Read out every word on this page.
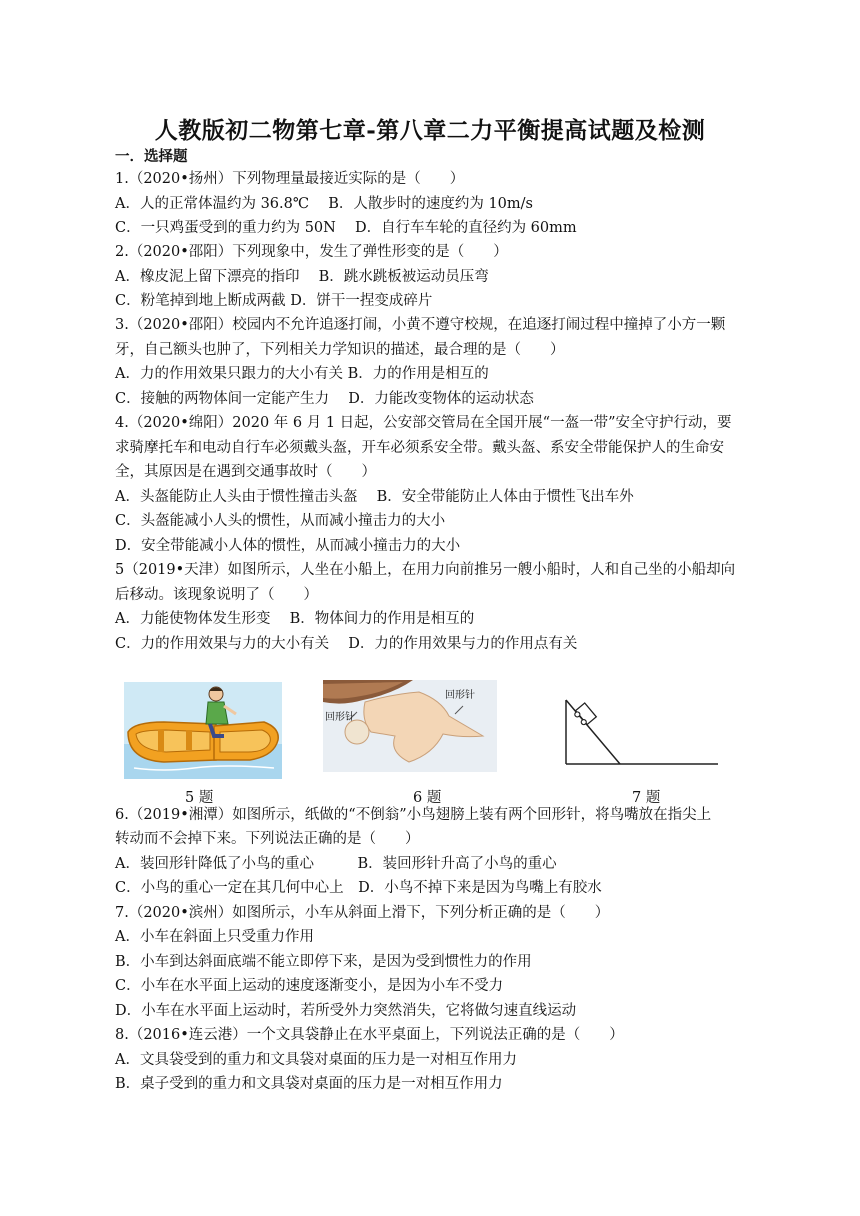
人教版初二物第七章-第八章二力平衡提高试题及检测
一．选择题
1.（2020•扬州）下列物理量最接近实际的是（　　）
A．人的正常体温约为 36.8℃　 B．人散步时的速度约为 10m/s
C．一只鸡蛋受到的重力约为 50N　 D．自行车车轮的直径约为 60mm
2.（2020•邵阳）下列现象中，发生了弹性形变的是（　　）
A．橡皮泥上留下漂亮的指印　 B．跳水跳板被运动员压弯
C．粉笔掉到地上断成两截 D．饼干一捏变成碎片
3.（2020•邵阳）校园内不允许追逐打闹，小黄不遵守校规，在追逐打闹过程中撞掉了小方一颗
牙，自己额头也肿了，下列相关力学知识的描述，最合理的是（　　）
A．力的作用效果只跟力的大小有关 B．力的作用是相互的
C．接触的两物体间一定能产生力　 D．力能改变物体的运动状态
4.（2020•绵阳）2020 年 6 月 1 日起，公安部交管局在全国开展“一盔一带”安全守护行动，要
求骑摩托车和电动自行车必须戴头盔，开车必须系安全带。戴头盔、系安全带能保护人的生命安
全，其原因是在遇到交通事故时（　　）
A．头盔能防止人头由于惯性撞击头盔　 B．安全带能防止人体由于惯性飞出车外
C．头盔能减小人头的惯性，从而减小撞击力的大小
D．安全带能减小人体的惯性，从而减小撞击力的大小
5（2019•天津）如图所示，人坐在小船上，在用力向前推另一艘小船时，人和自己坐的小船却向
后移动。该现象说明了（　　）
A．力能使物体发生形变　 B．物体间力的作用是相互的
C．力的作用效果与力的大小有关　 D．力的作用效果与力的作用点有关
5 题
回形针
回形针
6 题	7 题
6.（2019•湘潭）如图所示，纸做的“不倒翁”小鸟翅膀上装有两个回形针，将鸟嘴放在指尖上
转动而不会掉下来。下列说法正确的是（　　）
A．装回形针降低了小鸟的重心　　　B．装回形针升高了小鸟的重心
C．小鸟的重心一定在其几何中心上　D．小鸟不掉下来是因为鸟嘴上有胶水
7.（2020•滨州）如图所示，小车从斜面上滑下，下列分析正确的是（　　）
A．小车在斜面上只受重力作用
B．小车到达斜面底端不能立即停下来，是因为受到惯性力的作用
C．小车在水平面上运动的速度逐渐变小，是因为小车不受力
D．小车在水平面上运动时，若所受外力突然消失，它将做匀速直线运动
8.（2016•连云港）一个文具袋静止在水平桌面上，下列说法正确的是（　　）
A．文具袋受到的重力和文具袋对桌面的压力是一对相互作用力
B．桌子受到的重力和文具袋对桌面的压力是一对相互作用力
